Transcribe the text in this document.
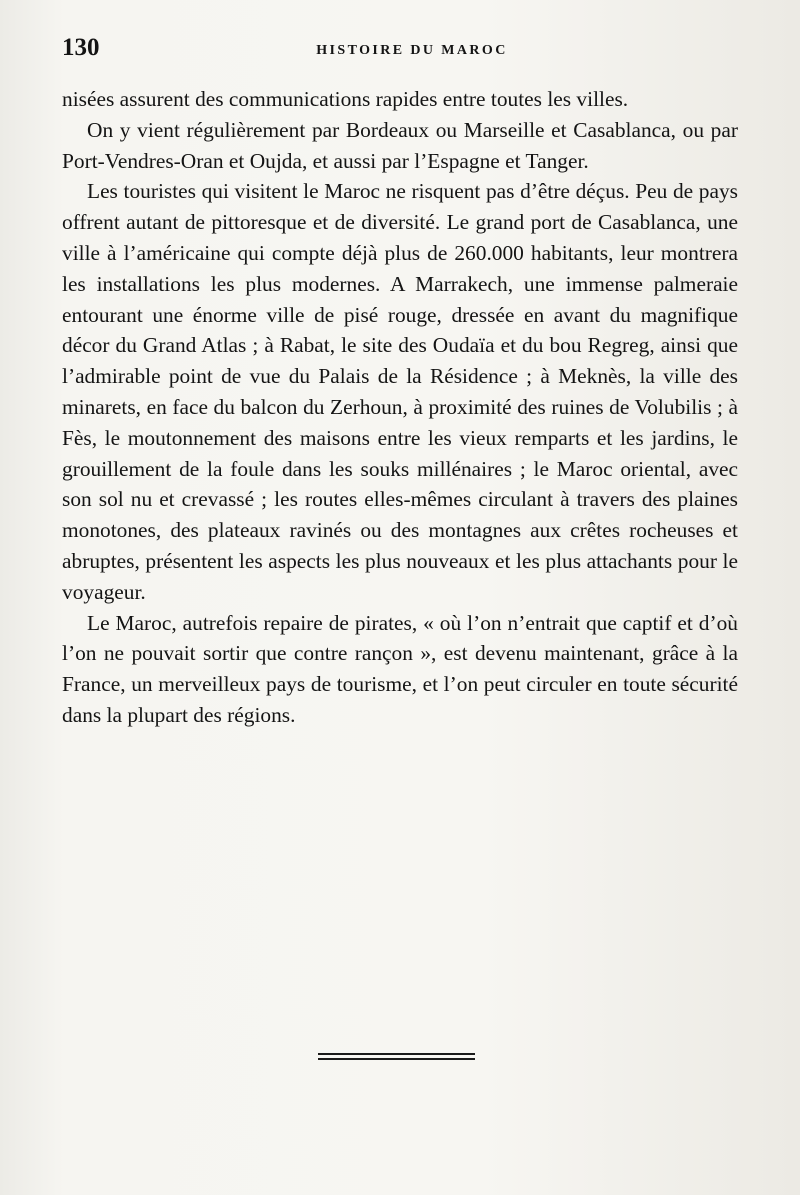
130	HISTOIRE DU MAROC

nisées assurent des communications rapides entre toutes les villes.

On y vient régulièrement par Bordeaux ou Marseille et Casablanca, ou par Port-Vendres-Oran et Oujda, et aussi par l’Espagne et Tanger.

Les touristes qui visitent le Maroc ne risquent pas d’être déçus. Peu de pays offrent autant de pittoresque et de diversité. Le grand port de Casablanca, une ville à l’américaine qui compte déjà plus de 260.000 habitants, leur montrera les installations les plus modernes. A Marrakech, une immense palmeraie entourant une énorme ville de pisé rouge, dressée en avant du magnifique décor du Grand Atlas ; à Rabat, le site des Oudaïa et du bou Regreg, ainsi que l’admirable point de vue du Palais de la Résidence ; à Meknès, la ville des minarets, en face du balcon du Zerhoun, à proximité des ruines de Volubilis ; à Fès, le moutonnement des maisons entre les vieux remparts et les jardins, le grouillement de la foule dans les souks millénaires ; le Maroc oriental, avec son sol nu et crevassé ; les routes elles-mêmes circulant à travers des plaines monotones, des plateaux ravinés ou des montagnes aux crêtes rocheuses et abruptes, présentent les aspects les plus nouveaux et les plus attachants pour le voyageur.

Le Maroc, autrefois repaire de pirates, « où l’on n’entrait que captif et d’où l’on ne pouvait sortir que contre rançon », est devenu maintenant, grâce à la France, un merveilleux pays de tourisme, et l’on peut circuler en toute sécurité dans la plupart des régions.
